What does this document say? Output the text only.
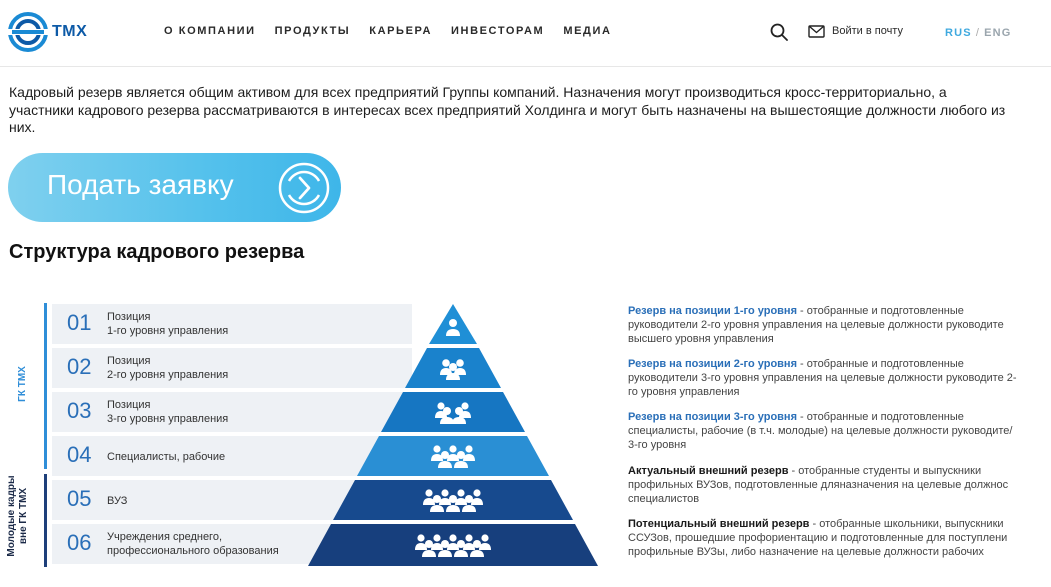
ТМХ	О КОМПАНИИ ПРОДУКТЫ КАРЬЕРА ИНВЕСТОРАМ МЕДИА	Войти в почту	RUS / ENG

Кадровый резерв является общим активом для всех предприятий Группы компаний. Назначения могут производиться кросс-территориально, а участники кадрового резерва рассматриваются в интересах всех предприятий Холдинга и могут быть назначены на вышестоящие должности любого из них.

Подать заявку
Структура кадрового резерва
ГК ТМХ
Молодые кадры вне ГК ТМХ
01 Позиция
1-го уровня управления
02 Позиция
2-го уровня управления
03 Позиция
3-го уровня управления
04 Специалисты, рабочие
05 ВУЗ
06 Учреждения среднего,
профессионального образования
Резерв на позиции 1-го уровня - отобранные и подготовленные руководители 2-го уровня управления на целевые должности руководите высшего уровня управления
Резерв на позиции 2-го уровня - отобранные и подготовленные руководители 3-го уровня управления на целевые должности руководите 2-го уровня управления
Резерв на позиции 3-го уровня - отобранные и подготовленные специалисты, рабочие (в т.ч. молодые) на целевые должности руководите/ 3-го уровня
Актуальный внешний резерв - отобранные студенты и выпускники профильных ВУЗов, подготовленные дляназначения на целевые должнос специалистов
Потенциальный внешний резерв - отобранные школьники, выпускники ССУЗов, прошедшие профориентацию и подготовленные для поступлени профильные ВУЗы, либо назначение на целевые должности рабочих
